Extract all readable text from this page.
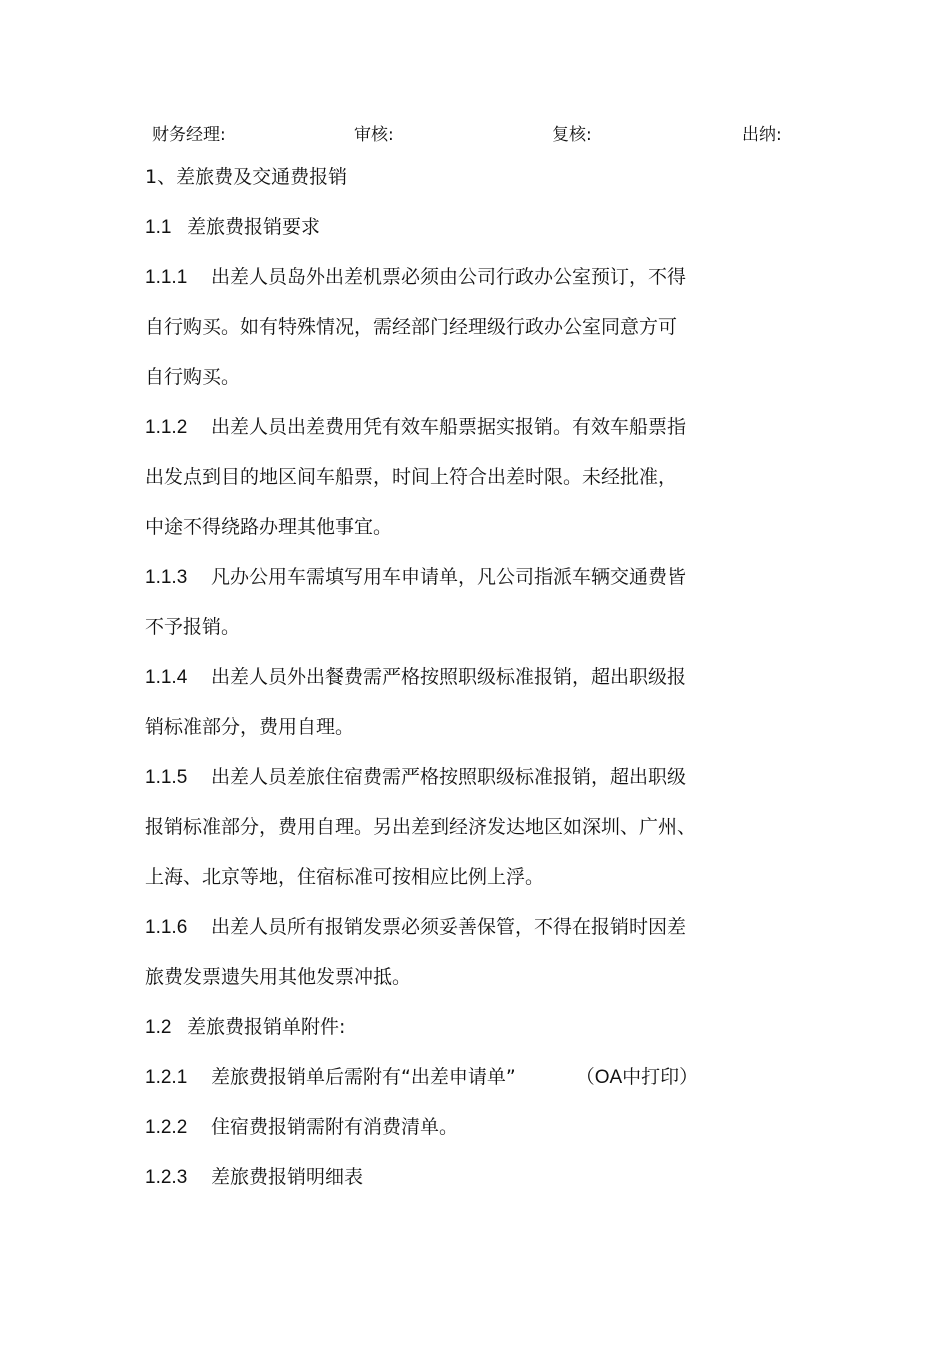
财务经理:	审核:	复核:	出纳:
1、差旅费及交通费报销
1.1 差旅费报销要求
1.1.1 出差人员岛外出差机票必须由公司行政办公室预订，不得
自行购买。如有特殊情况，需经部门经理级行政办公室同意方可
自行购买。
1.1.2 出差人员出差费用凭有效车船票据实报销。有效车船票指
出发点到目的地区间车船票，时间上符合出差时限。未经批准，
中途不得绕路办理其他事宜。
1.1.3 凡办公用车需填写用车申请单，凡公司指派车辆交通费皆
不予报销。
1.1.4 出差人员外出餐费需严格按照职级标准报销，超出职级报
销标准部分，费用自理。
1.1.5 出差人员差旅住宿费需严格按照职级标准报销，超出职级
报销标准部分，费用自理。另出差到经济发达地区如深圳、广州、
上海、北京等地，住宿标准可按相应比例上浮。
1.1.6 出差人员所有报销发票必须妥善保管，不得在报销时因差
旅费发票遗失用其他发票冲抵。
1.2 差旅费报销单附件:
1.2.1 差旅费报销单后需附有“出差申请单”	（OA中打印）
1.2.2 住宿费报销需附有消费清单。
1.2.3 差旅费报销明细表
